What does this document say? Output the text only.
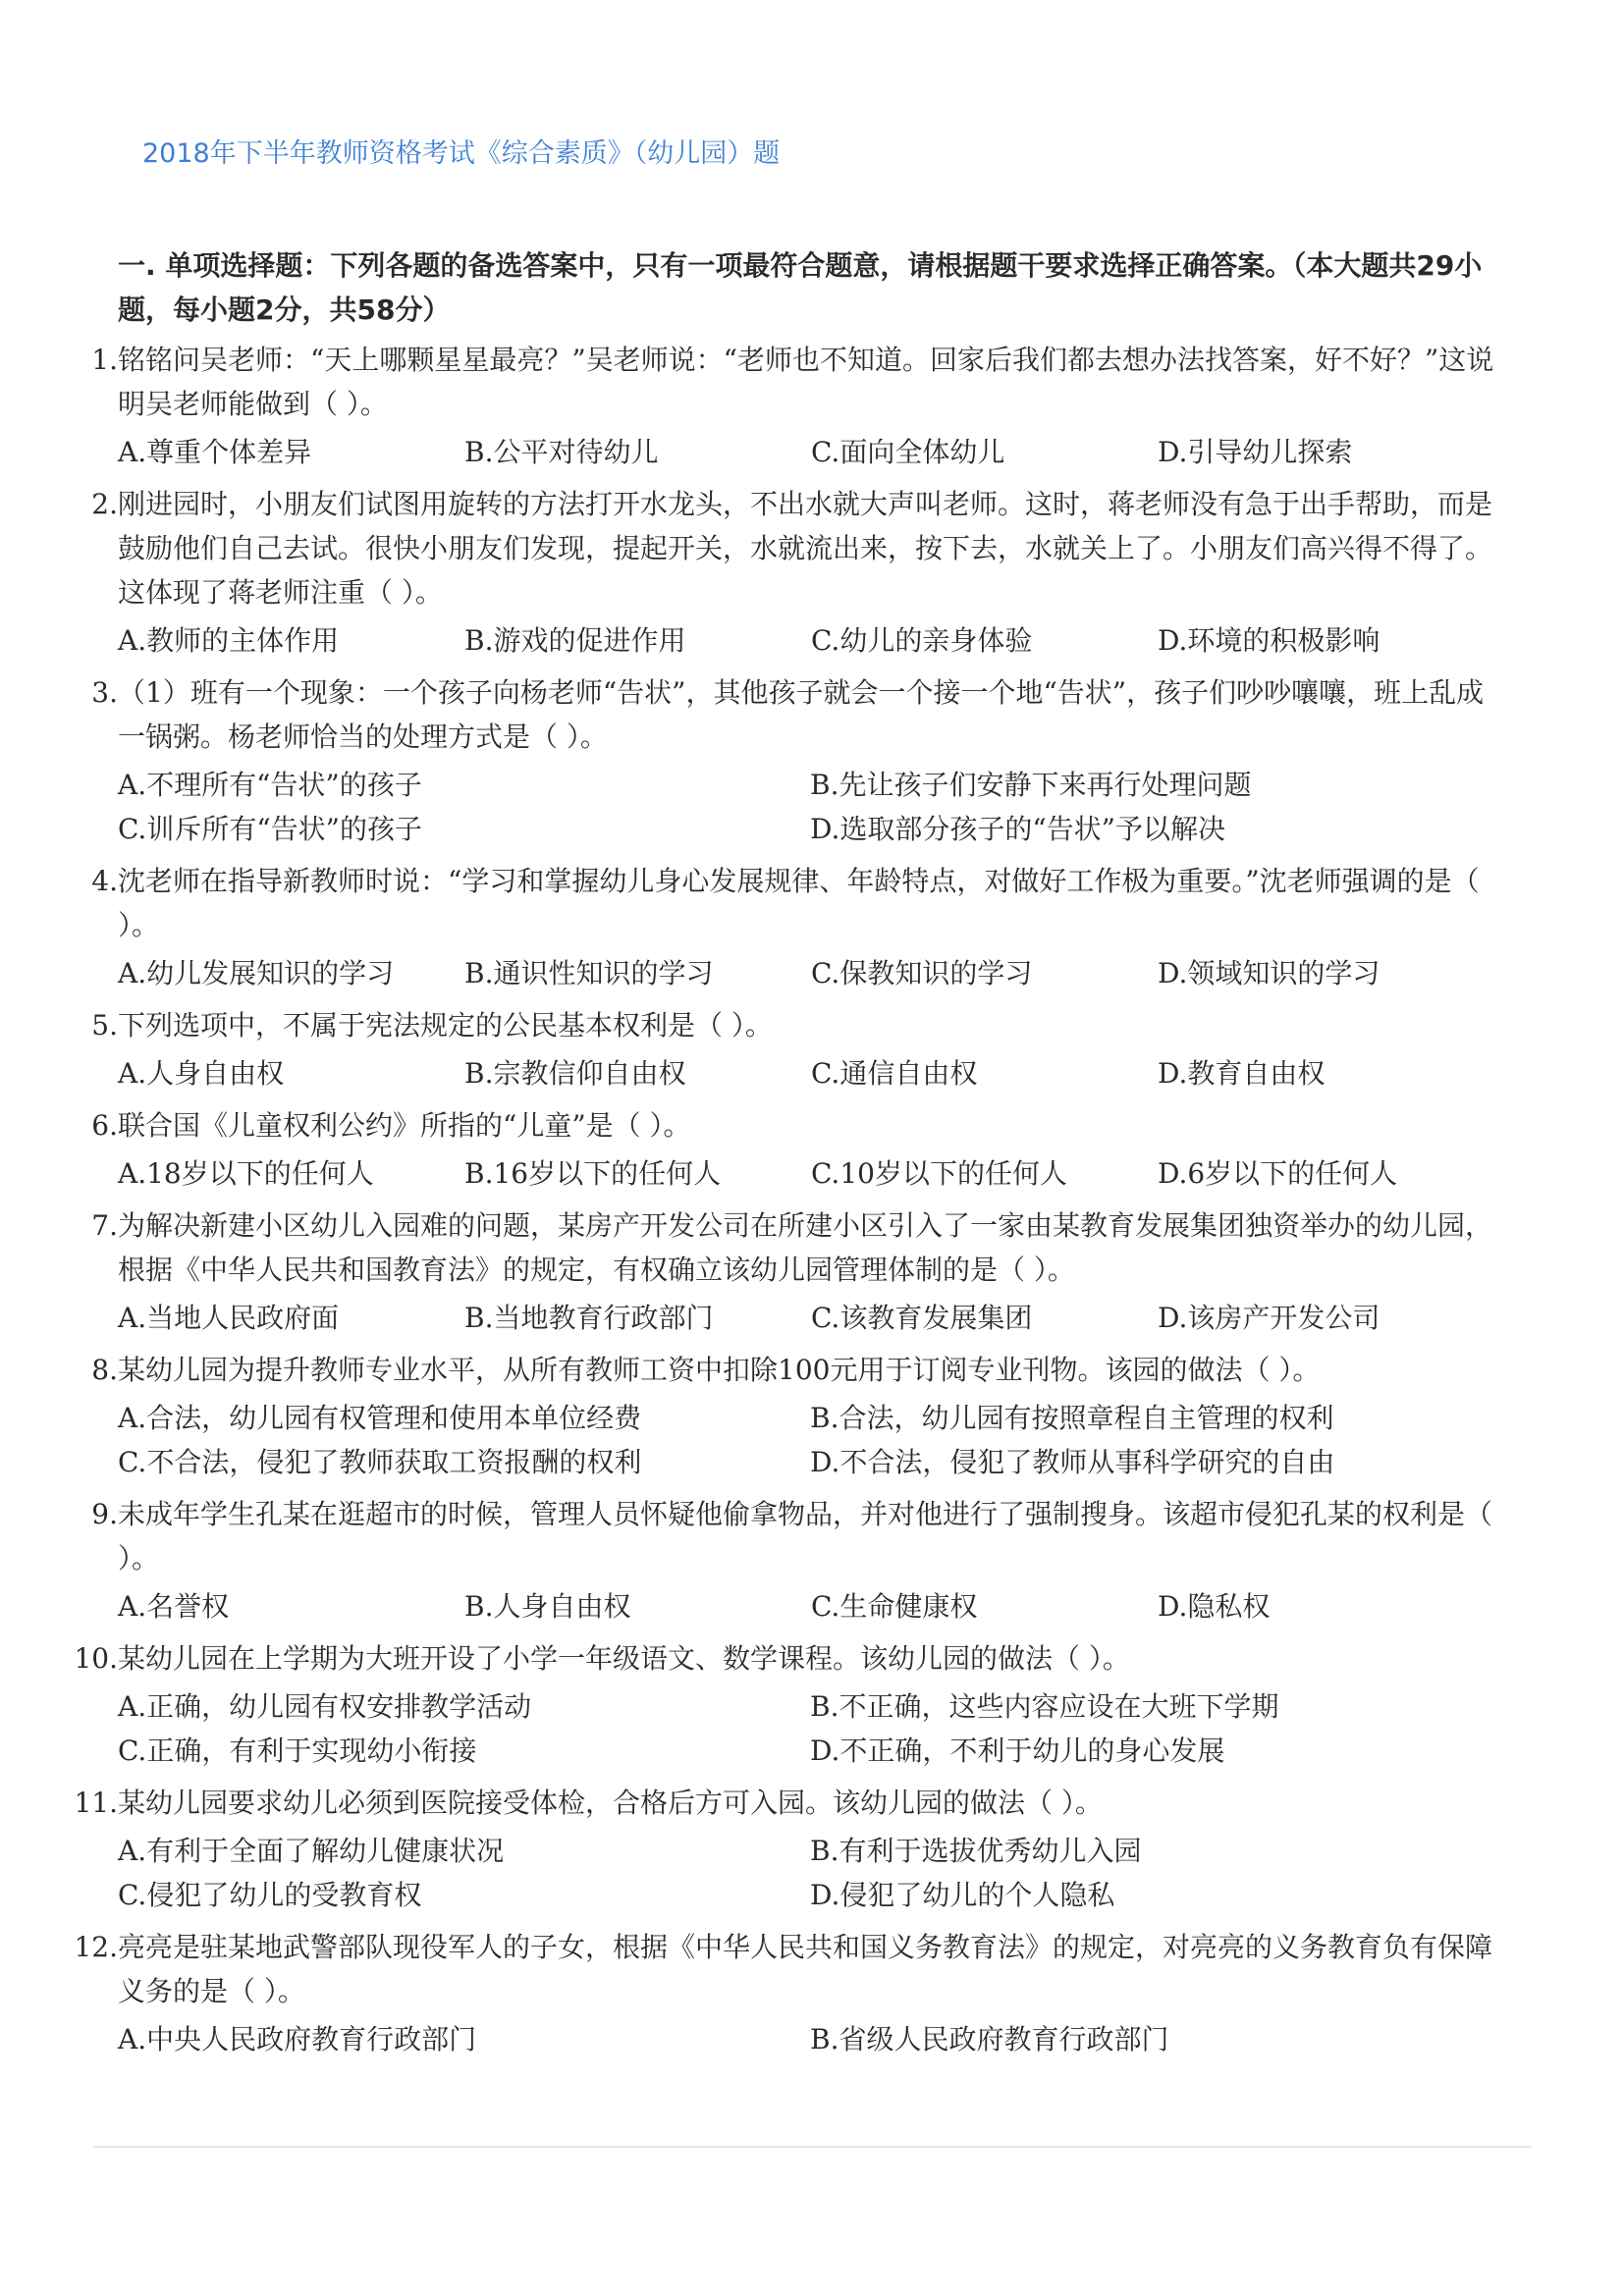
2018年下半年教师资格考试《综合素质》（幼儿园）题
一. 单项选择题：下列各题的备选答案中，只有一项最符合题意，请根据题干要求选择正确答案。（本大题共29小题，每小题2分，共58分）
1. 铭铭问吴老师：“天上哪颗星星最亮？”吴老师说：“老师也不知道。回家后我们都去想办法找答案，好不好？”这说明吴老师能做到（ ）。
A.尊重个体差异	B.公平对待幼儿	C.面向全体幼儿	D.引导幼儿探索
2. 刚进园时，小朋友们试图用旋转的方法打开水龙头，不出水就大声叫老师。这时，蒋老师没有急于出手帮助，而是鼓励他们自己去试。很快小朋友们发现，提起开关，水就流出来，按下去，水就关上了。小朋友们高兴得不得了。这体现了蒋老师注重（ ）。
A.教师的主体作用	B.游戏的促进作用	C.幼儿的亲身体验	D.环境的积极影响
3. （1）班有一个现象：一个孩子向杨老师“告状”，其他孩子就会一个接一个地“告状”，孩子们吵吵嚷嚷，班上乱成一锅粥。杨老师恰当的处理方式是（ ）。
A.不理所有“告状”的孩子	B.先让孩子们安静下来再行处理问题
C.训斥所有“告状”的孩子	D.选取部分孩子的“告状”予以解决
4. 沈老师在指导新教师时说：“学习和掌握幼儿身心发展规律、年龄特点，对做好工作极为重要。”沈老师强调的是（ ）。
A.幼儿发展知识的学习	B.通识性知识的学习	C.保教知识的学习	D.领域知识的学习
5. 下列选项中，不属于宪法规定的公民基本权利是（ ）。
A.人身自由权	B.宗教信仰自由权	C.通信自由权	D.教育自由权
6. 联合国《儿童权利公约》所指的“儿童”是（ ）。
A.18岁以下的任何人	B.16岁以下的任何人	C.10岁以下的任何人	D.6岁以下的任何人
7. 为解决新建小区幼儿入园难的问题，某房产开发公司在所建小区引入了一家由某教育发展集团独资举办的幼儿园，根据《中华人民共和国教育法》的规定，有权确立该幼儿园管理体制的是（ ）。
A.当地人民政府面	B.当地教育行政部门	C.该教育发展集团	D.该房产开发公司
8. 某幼儿园为提升教师专业水平，从所有教师工资中扣除100元用于订阅专业刊物。该园的做法（ ）。
A.合法，幼儿园有权管理和使用本单位经费	B.合法，幼儿园有按照章程自主管理的权利
C.不合法，侵犯了教师获取工资报酬的权利	D.不合法，侵犯了教师从事科学研究的自由
9. 未成年学生孔某在逛超市的时候，管理人员怀疑他偷拿物品，并对他进行了强制搜身。该超市侵犯孔某的权利是（ ）。
A.名誉权	B.人身自由权	C.生命健康权	D.隐私权
10. 某幼儿园在上学期为大班开设了小学一年级语文、数学课程。该幼儿园的做法（ ）。
A.正确，幼儿园有权安排教学活动	B.不正确，这些内容应设在大班下学期
C.正确，有利于实现幼小衔接	D.不正确，不利于幼儿的身心发展
11. 某幼儿园要求幼儿必须到医院接受体检，合格后方可入园。该幼儿园的做法（ ）。
A.有利于全面了解幼儿健康状况	B.有利于选拔优秀幼儿入园
C.侵犯了幼儿的受教育权	D.侵犯了幼儿的个人隐私
12. 亮亮是驻某地武警部队现役军人的子女，根据《中华人民共和国义务教育法》的规定，对亮亮的义务教育负有保障义务的是（ ）。
A.中央人民政府教育行政部门	B.省级人民政府教育行政部门
